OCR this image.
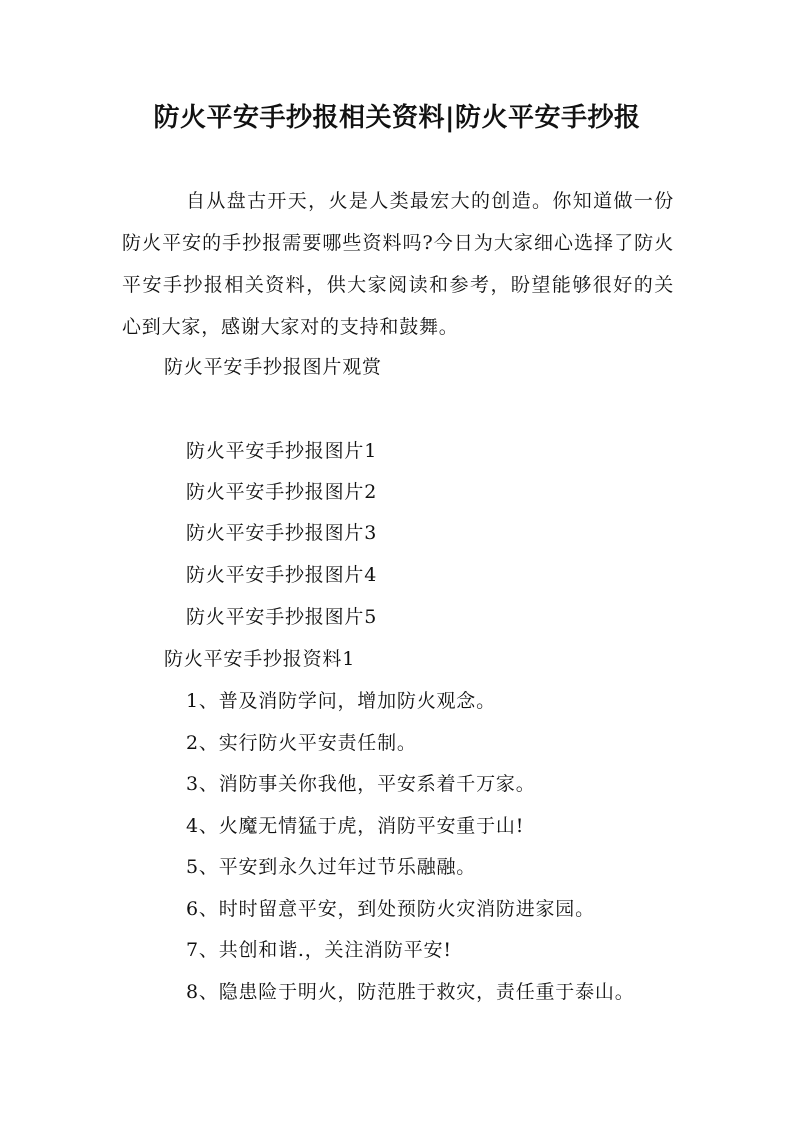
防火平安手抄报相关资料|防火平安手抄报

自从盘古开天，火是人类最宏大的创造。你知道做一份防火平安的手抄报需要哪些资料吗?今日为大家细心选择了防火平安手抄报相关资料，供大家阅读和参考，盼望能够很好的关心到大家，感谢大家对的支持和鼓舞。

防火平安手抄报图片观赏

防火平安手抄报图片1

防火平安手抄报图片2

防火平安手抄报图片3

防火平安手抄报图片4

防火平安手抄报图片5

防火平安手抄报资料1

1、普及消防学问，增加防火观念。

2、实行防火平安责任制。

3、消防事关你我他，平安系着千万家。

4、火魔无情猛于虎，消防平安重于山!

5、平安到永久过年过节乐融融。

6、时时留意平安，到处预防火灾消防进家园。

7、共创和谐.，关注消防平安!

8、隐患险于明火，防范胜于救灾，责任重于泰山。
